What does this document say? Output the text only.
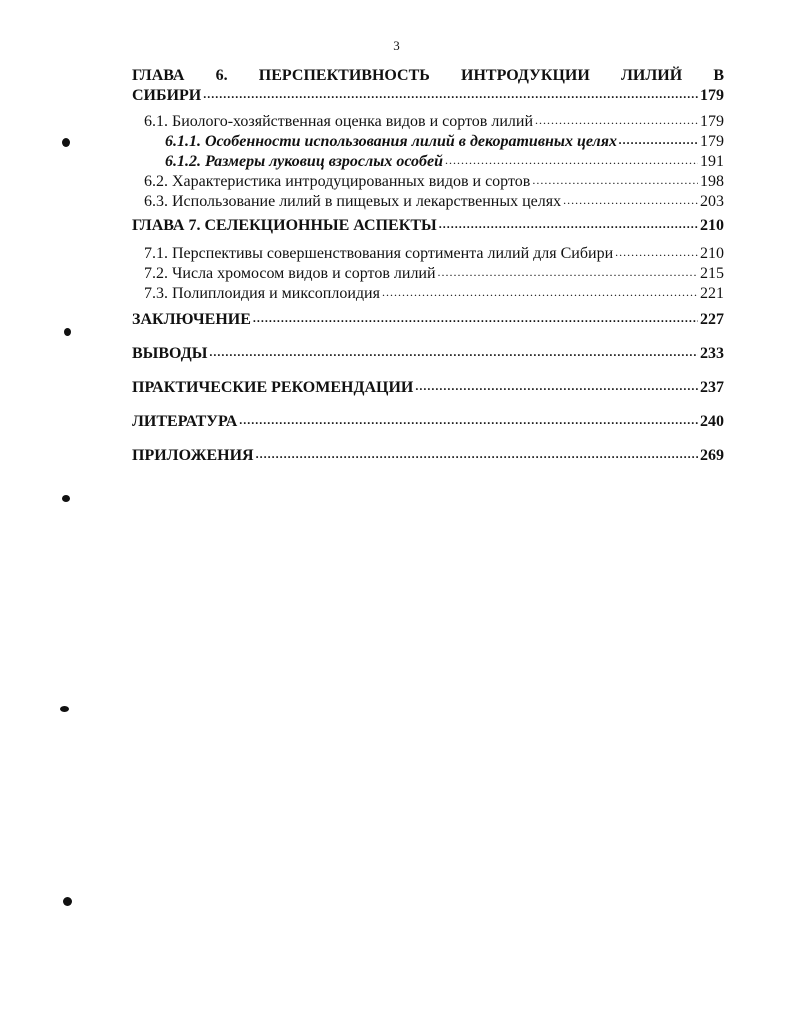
3
ГЛАВА 6. ПЕРСПЕКТИВНОСТЬ ИНТРОДУКЦИИ ЛИЛИЙ В
СИБИРИ .....	179
6.1. Биолого-хозяйственная оценка видов и сортов лилий .....	179
6.1.1. Особенности использования лилий в декоративных целях .....	179
6.1.2. Размеры луковиц взрослых особей .....	191
6.2. Характеристика интродуцированных видов и сортов .....	198
6.3. Использование лилий в пищевых и лекарственных целях .....	203
ГЛАВА 7. СЕЛЕКЦИОННЫЕ АСПЕКТЫ .....	210
7.1. Перспективы совершенствования сортимента лилий для Сибири .....	210
7.2. Числа хромосом видов и сортов лилий .....	215
7.3. Полиплоидия и миксоплоидия .....	221
ЗАКЛЮЧЕНИЕ .....	227
ВЫВОДЫ .....	233
ПРАКТИЧЕСКИЕ РЕКОМЕНДАЦИИ .....	237
ЛИТЕРАТУРА .....	240
ПРИЛОЖЕНИЯ .....	269
